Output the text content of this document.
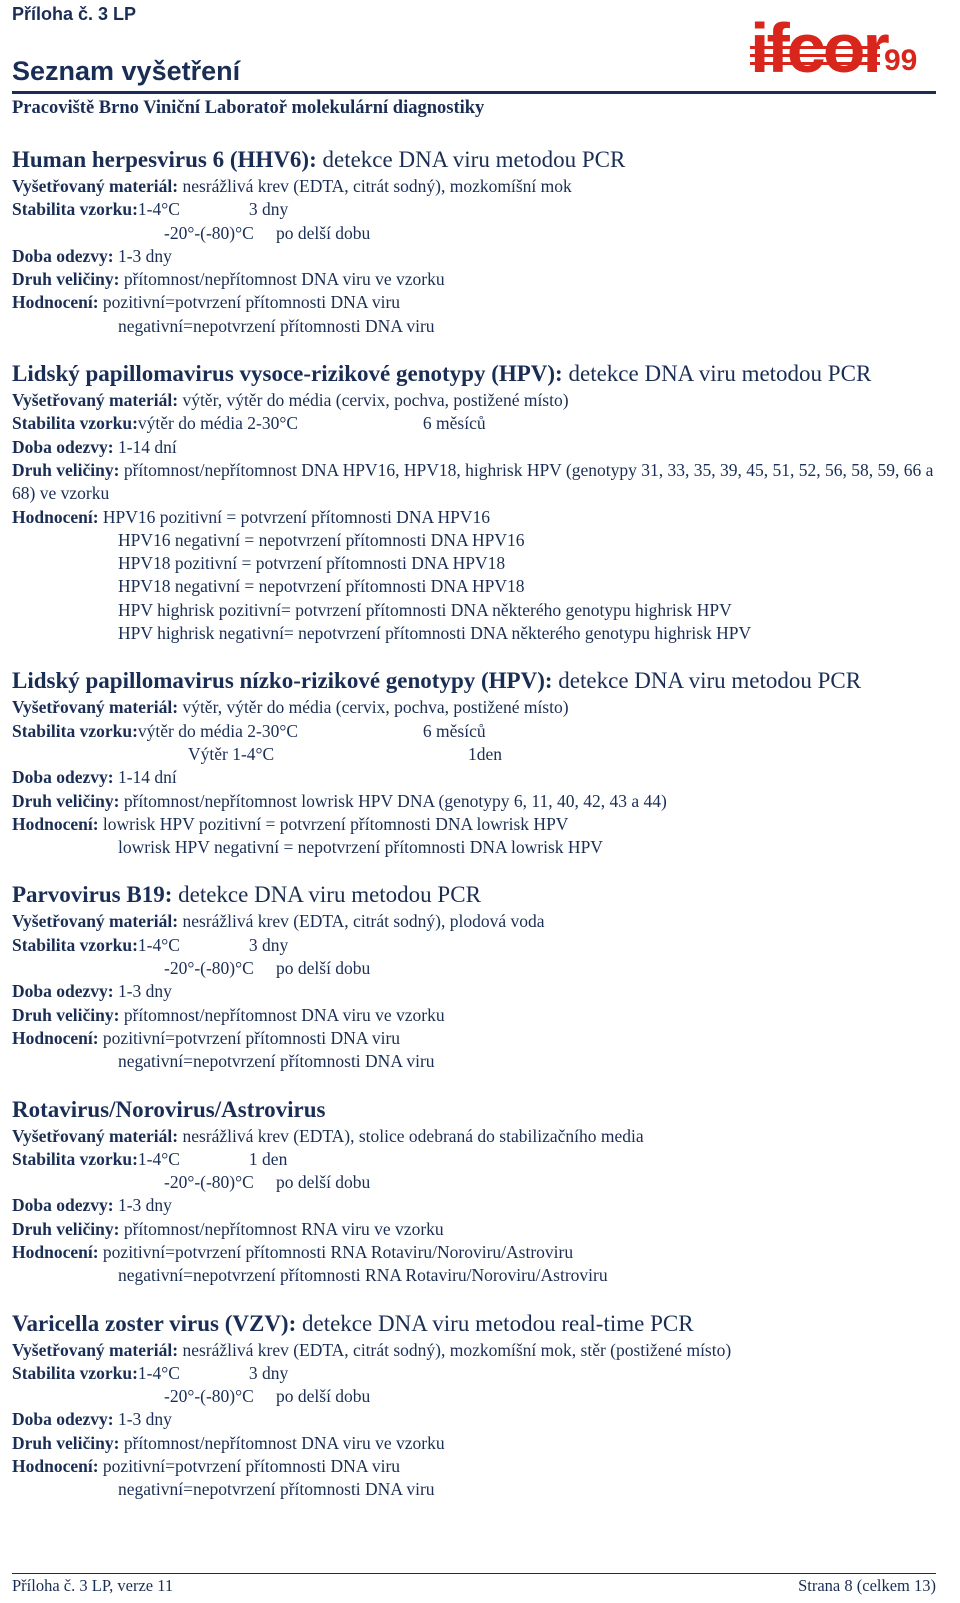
Příloha č. 3 LP
Seznam vyšetření
Pracoviště Brno Viniční Laboratoř molekulární diagnostiky
ifcor
99
Human herpesvirus 6 (HHV6): detekce DNA viru metodou PCR
Vyšetřovaný materiál: nesrážlivá krev (EDTA, citrát sodný), mozkomíšní mok
Stabilita vzorku:1-4°C	3 dny
-20°-(-80)°C po delší dobu
Doba odezvy: 1-3 dny
Druh veličiny: přítomnost/nepřítomnost DNA viru ve vzorku
Hodnocení: pozitivní=potvrzení přítomnosti DNA viru
negativní=nepotvrzení přítomnosti DNA viru
Lidský papillomavirus vysoce-rizikové genotypy (HPV): detekce DNA viru metodou PCR
Vyšetřovaný materiál: výtěr, výtěr do média (cervix, pochva, postižené místo)
Stabilita vzorku:výtěr do média 2-30°C	6 měsíců
Doba odezvy: 1-14 dní
Druh veličiny: přítomnost/nepřítomnost DNA HPV16, HPV18, highrisk HPV (genotypy 31, 33, 35, 39, 45, 51, 52, 56, 58, 59, 66 a 68) ve vzorku
Hodnocení: HPV16 pozitivní = potvrzení přítomnosti DNA HPV16
HPV16 negativní = nepotvrzení přítomnosti DNA HPV16
HPV18 pozitivní = potvrzení přítomnosti DNA HPV18
HPV18 negativní = nepotvrzení přítomnosti DNA HPV18
HPV highrisk pozitivní= potvrzení přítomnosti DNA některého genotypu highrisk HPV
HPV highrisk negativní= nepotvrzení přítomnosti DNA některého genotypu highrisk HPV
Lidský papillomavirus nízko-rizikové genotypy (HPV): detekce DNA viru metodou PCR
Vyšetřovaný materiál: výtěr, výtěr do média (cervix, pochva, postižené místo)
Stabilita vzorku:výtěr do média 2-30°C	6 měsíců
Výtěr 1-4°C	1den
Doba odezvy: 1-14 dní
Druh veličiny: přítomnost/nepřítomnost lowrisk HPV DNA (genotypy 6, 11, 40, 42, 43 a 44)
Hodnocení: lowrisk HPV pozitivní = potvrzení přítomnosti DNA lowrisk HPV
lowrisk HPV negativní = nepotvrzení přítomnosti DNA lowrisk HPV
Parvovirus B19: detekce DNA viru metodou PCR
Vyšetřovaný materiál: nesrážlivá krev (EDTA, citrát sodný), plodová voda
Stabilita vzorku:1-4°C	3 dny
-20°-(-80)°C po delší dobu
Doba odezvy: 1-3 dny
Druh veličiny: přítomnost/nepřítomnost DNA viru ve vzorku
Hodnocení: pozitivní=potvrzení přítomnosti DNA viru
negativní=nepotvrzení přítomnosti DNA viru
Rotavirus/Norovirus/Astrovirus
Vyšetřovaný materiál: nesrážlivá krev (EDTA), stolice odebraná do stabilizačního media
Stabilita vzorku:1-4°C	1 den
-20°-(-80)°C po delší dobu
Doba odezvy: 1-3 dny
Druh veličiny: přítomnost/nepřítomnost RNA viru ve vzorku
Hodnocení: pozitivní=potvrzení přítomnosti RNA Rotaviru/Noroviru/Astroviru
negativní=nepotvrzení přítomnosti RNA Rotaviru/Noroviru/Astroviru
Varicella zoster virus (VZV): detekce DNA viru metodou real-time PCR
Vyšetřovaný materiál: nesrážlivá krev (EDTA, citrát sodný), mozkomíšní mok, stěr (postižené místo)
Stabilita vzorku:1-4°C	3 dny
-20°-(-80)°C po delší dobu
Doba odezvy: 1-3 dny
Druh veličiny: přítomnost/nepřítomnost DNA viru ve vzorku
Hodnocení: pozitivní=potvrzení přítomnosti DNA viru
negativní=nepotvrzení přítomnosti DNA viru
Příloha č. 3 LP, verze 11	Strana 8 (celkem 13)
